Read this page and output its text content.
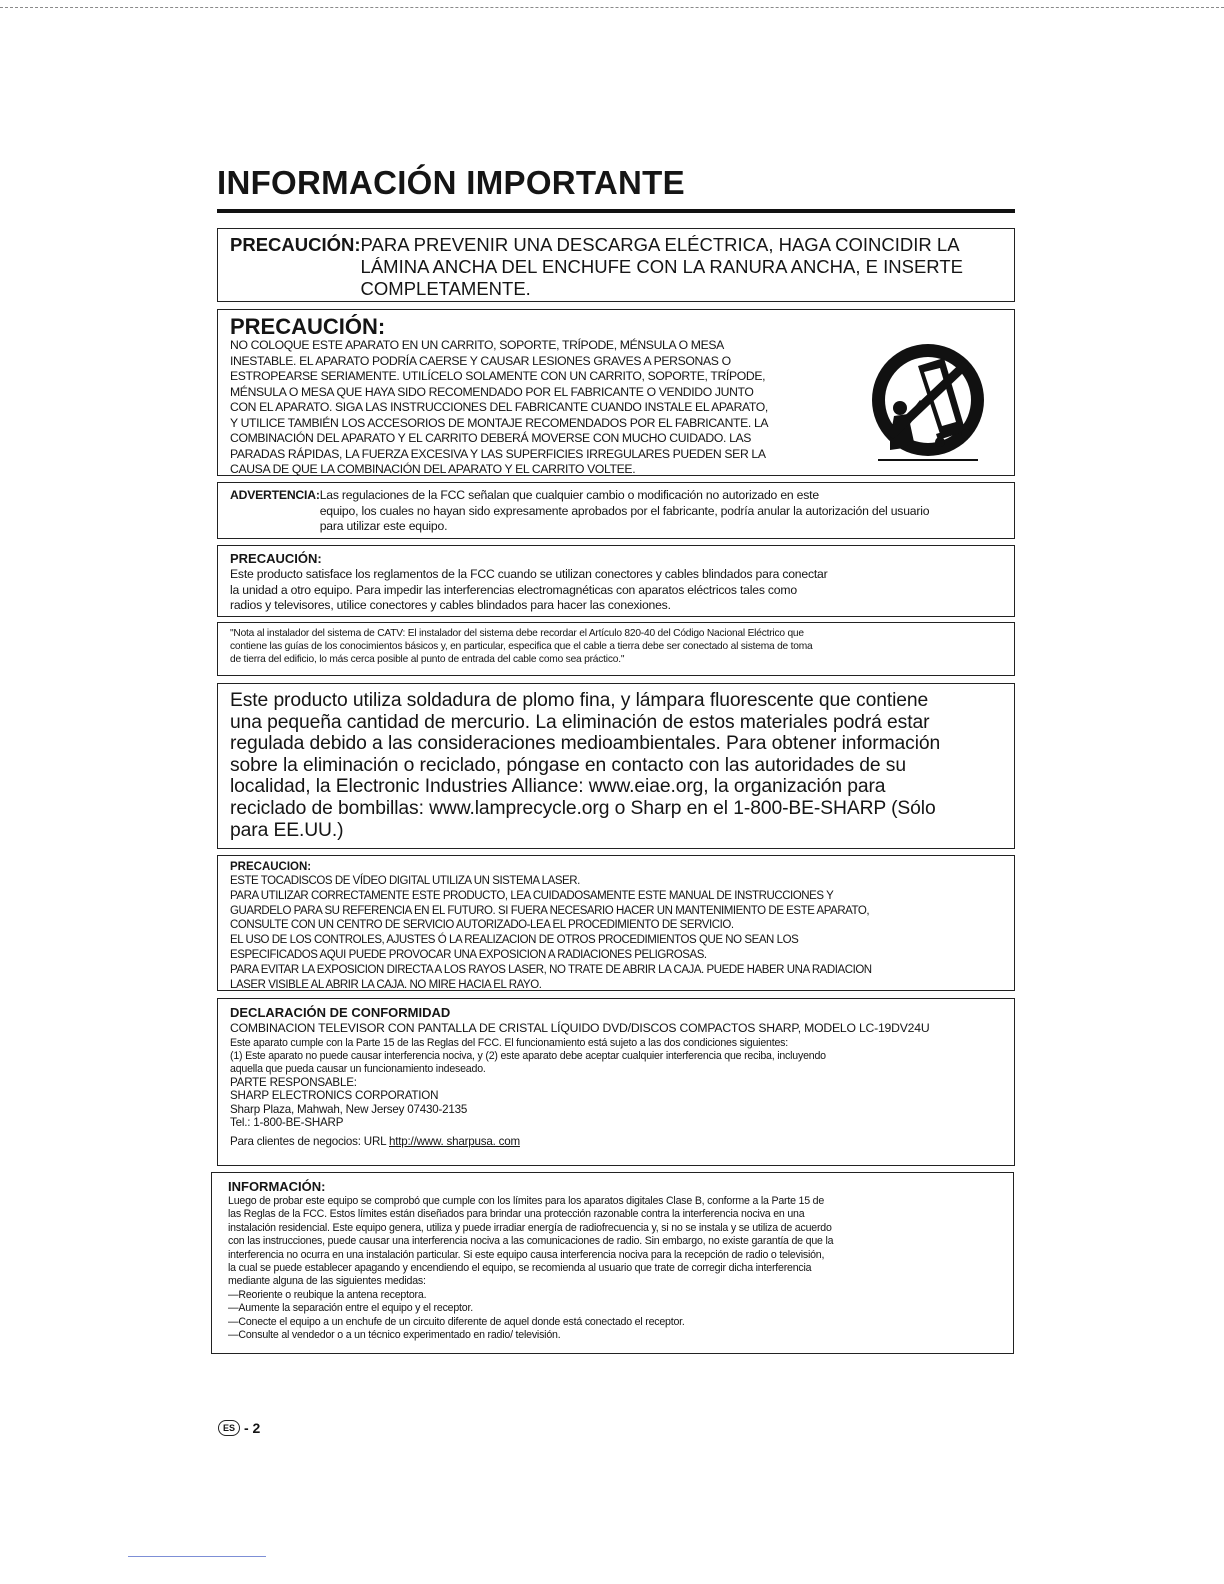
INFORMACIÓN IMPORTANTE
PRECAUCIÓN: PARA PREVENIR UNA DESCARGA ELÉCTRICA, HAGA COINCIDIR LA
LÁMINA ANCHA DEL ENCHUFE CON LA RANURA ANCHA, E INSERTE
COMPLETAMENTE.

PRECAUCIÓN:

NO COLOQUE ESTE APARATO EN UN CARRITO, SOPORTE, TRÍPODE, MÉNSULA O MESA
INESTABLE. EL APARATO PODRÍA CAERSE Y CAUSAR LESIONES GRAVES A PERSONAS O
ESTROPEARSE SERIAMENTE. UTILÍCELO SOLAMENTE CON UN CARRITO, SOPORTE, TRÍPODE,
MÉNSULA O MESA QUE HAYA SIDO RECOMENDADO POR EL FABRICANTE O VENDIDO JUNTO
CON EL APARATO. SIGA LAS INSTRUCCIONES DEL FABRICANTE CUANDO INSTALE EL APARATO,
Y UTILICE TAMBIÉN LOS ACCESORIOS DE MONTAJE RECOMENDADOS POR EL FABRICANTE. LA
COMBINACIÓN DEL APARATO Y EL CARRITO DEBERÁ MOVERSE CON MUCHO CUIDADO. LAS
PARADAS RÁPIDAS, LA FUERZA EXCESIVA Y LAS SUPERFICIES IRREGULARES PUEDEN SER LA
CAUSA DE QUE LA COMBINACIÓN DEL APARATO Y EL CARRITO VOLTEE.

ADVERTENCIA: Las regulaciones de la FCC señalan que cualquier cambio o modificación no autorizado en este
equipo, los cuales no hayan sido expresamente aprobados por el fabricante, podría anular la autorización del usuario
para utilizar este equipo.

PRECAUCIÓN:

Este producto satisface los reglamentos de la FCC cuando se utilizan conectores y cables blindados para conectar
la unidad a otro equipo. Para impedir las interferencias electromagnéticas con aparatos eléctricos tales como
radios y televisores, utilice conectores y cables blindados para hacer las conexiones.

"Nota al instalador del sistema de CATV: El instalador del sistema debe recordar el Artículo 820-40 del Código Nacional Eléctrico que
contiene las guías de los conocimientos básicos y, en particular, especifica que el cable a tierra debe ser conectado al sistema de toma
de tierra del edificio, lo más cerca posible al punto de entrada del cable como sea práctico."

Este producto utiliza soldadura de plomo fina, y lámpara fluorescente que contiene
una pequeña cantidad de mercurio. La eliminación de estos materiales podrá estar
regulada debido a las consideraciones medioambientales. Para obtener información
sobre la eliminación o reciclado, póngase en contacto con las autoridades de su
localidad, la Electronic Industries Alliance: www.eiae.org, la organización para
reciclado de bombillas: www.lamprecycle.org o Sharp en el 1-800-BE-SHARP (Sólo
para EE.UU.)

PRECAUCION:

ESTE TOCADISCOS DE VÍDEO DIGITAL UTILIZA UN SISTEMA LASER.
PARA UTILIZAR CORRECTAMENTE ESTE PRODUCTO, LEA CUIDADOSAMENTE ESTE MANUAL DE INSTRUCCIONES Y
GUARDELO PARA SU REFERENCIA EN EL FUTURO. SI FUERA NECESARIO HACER UN MANTENIMIENTO DE ESTE APARATO,
CONSULTE CON UN CENTRO DE SERVICIO AUTORIZADO-LEA EL PROCEDIMIENTO DE SERVICIO.
EL USO DE LOS CONTROLES, AJUSTES Ó LA REALIZACION DE OTROS PROCEDIMIENTOS QUE NO SEAN LOS
ESPECIFICADOS AQUI PUEDE PROVOCAR UNA EXPOSICION A RADIACIONES PELIGROSAS.
PARA EVITAR LA EXPOSICION DIRECTA A LOS RAYOS LASER, NO TRATE DE ABRIR LA CAJA. PUEDE HABER UNA RADIACION
LASER VISIBLE AL ABRIR LA CAJA. NO MIRE HACIA EL RAYO.

DECLARACIÓN DE CONFORMIDAD

COMBINACION TELEVISOR CON PANTALLA DE CRISTAL LÍQUIDO DVD/DISCOS COMPACTOS SHARP, MODELO LC-19DV24U

Este aparato cumple con la Parte 15 de las Reglas del FCC. El funcionamiento está sujeto a las dos condiciones siguientes:
(1) Este aparato no puede causar interferencia nociva, y (2) este aparato debe aceptar cualquier interferencia que reciba, incluyendo
aquella que pueda causar un funcionamiento indeseado.

PARTE RESPONSABLE:
SHARP ELECTRONICS CORPORATION
Sharp Plaza, Mahwah, New Jersey 07430-2135
Tel.: 1-800-BE-SHARP

Para clientes de negocios: URL http://www. sharpusa. com

INFORMACIÓN:

Luego de probar este equipo se comprobó que cumple con los límites para los aparatos digitales Clase B, conforme a la Parte 15 de
las Reglas de la FCC. Estos límites están diseñados para brindar una protección razonable contra la interferencia nociva en una
instalación residencial. Este equipo genera, utiliza y puede irradiar energía de radiofrecuencia y, si no se instala y se utiliza de acuerdo
con las instrucciones, puede causar una interferencia nociva a las comunicaciones de radio. Sin embargo, no existe garantía de que la
interferencia no ocurra en una instalación particular. Si este equipo causa interferencia nociva para la recepción de radio o televisión,
la cual se puede establecer apagando y encendiendo el equipo, se recomienda al usuario que trate de corregir dicha interferencia
mediante alguna de las siguientes medidas:
—Reoriente o reubique la antena receptora.
—Aumente la separación entre el equipo y el receptor.
—Conecte el equipo a un enchufe de un circuito diferente de aquel donde está conectado el receptor.
—Consulte al vendedor o a un técnico experimentado en radio/ televisión.

ES - 2
